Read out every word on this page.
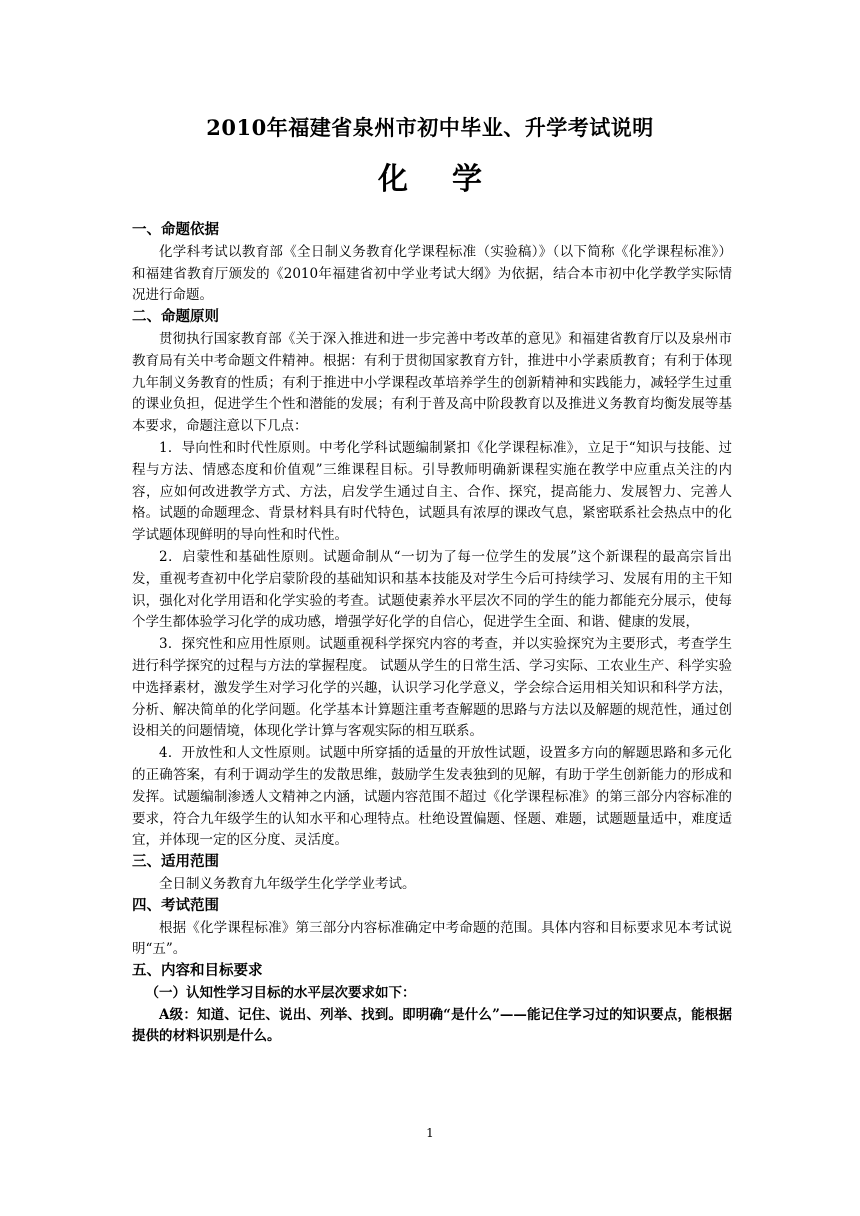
2010年福建省泉州市初中毕业、升学考试说明
化学
一、命题依据
化学科考试以教育部《全日制义务教育化学课程标准（实验稿）》（以下简称《化学课程标准》）和福建省教育厅颁发的《2010年福建省初中学业考试大纲》为依据，结合本市初中化学教学实际情况进行命题。
二、命题原则
贯彻执行国家教育部《关于深入推进和进一步完善中考改革的意见》和福建省教育厅以及泉州市教育局有关中考命题文件精神。根据：有利于贯彻国家教育方针，推进中小学素质教育；有利于体现九年制义务教育的性质；有利于推进中小学课程改革培养学生的创新精神和实践能力，减轻学生过重的课业负担，促进学生个性和潜能的发展；有利于普及高中阶段教育以及推进义务教育均衡发展等基本要求，命题注意以下几点：
1．导向性和时代性原则。中考化学科试题编制紧扣《化学课程标准》，立足于“知识与技能、过程与方法、情感态度和价值观”三维课程目标。引导教师明确新课程实施在教学中应重点关注的内容，应如何改进教学方式、方法，启发学生通过自主、合作、探究，提高能力、发展智力、完善人格。试题的命题理念、背景材料具有时代特色，试题具有浓厚的课改气息，紧密联系社会热点中的化学试题体现鲜明的导向性和时代性。
2．启蒙性和基础性原则。试题命制从“一切为了每一位学生的发展”这个新课程的最高宗旨出发，重视考查初中化学启蒙阶段的基础知识和基本技能及对学生今后可持续学习、发展有用的主干知识，强化对化学用语和化学实验的考查。试题使素养水平层次不同的学生的能力都能充分展示，使每个学生都体验学习化学的成功感，增强学好化学的自信心，促进学生全面、和谐、健康的发展，
3．探究性和应用性原则。试题重视科学探究内容的考查，并以实验探究为主要形式，考查学生进行科学探究的过程与方法的掌握程度。 试题从学生的日常生活、学习实际、工农业生产、科学实验中选择素材，激发学生对学习化学的兴趣，认识学习化学意义，学会综合运用相关知识和科学方法，分析、解决简单的化学问题。化学基本计算题注重考查解题的思路与方法以及解题的规范性，通过创设相关的问题情境，体现化学计算与客观实际的相互联系。
4．开放性和人文性原则。试题中所穿插的适量的开放性试题，设置多方向的解题思路和多元化的正确答案，有利于调动学生的发散思维，鼓励学生发表独到的见解，有助于学生创新能力的形成和发挥。试题编制渗透人文精神之内涵，试题内容范围不超过《化学课程标准》的第三部分内容标准的要求，符合九年级学生的认知水平和心理特点。杜绝设置偏题、怪题、难题，试题题量适中，难度适宜，并体现一定的区分度、灵活度。
三、适用范围
全日制义务教育九年级学生化学学业考试。
四、考试范围
根据《化学课程标准》第三部分内容标准确定中考命题的范围。具体内容和目标要求见本考试说明“五”。
五、内容和目标要求
（一）认知性学习目标的水平层次要求如下：
A级：知道、记住、说出、列举、找到。即明确“是什么”——能记住学习过的知识要点，能根据提供的材料识别是什么。
1
